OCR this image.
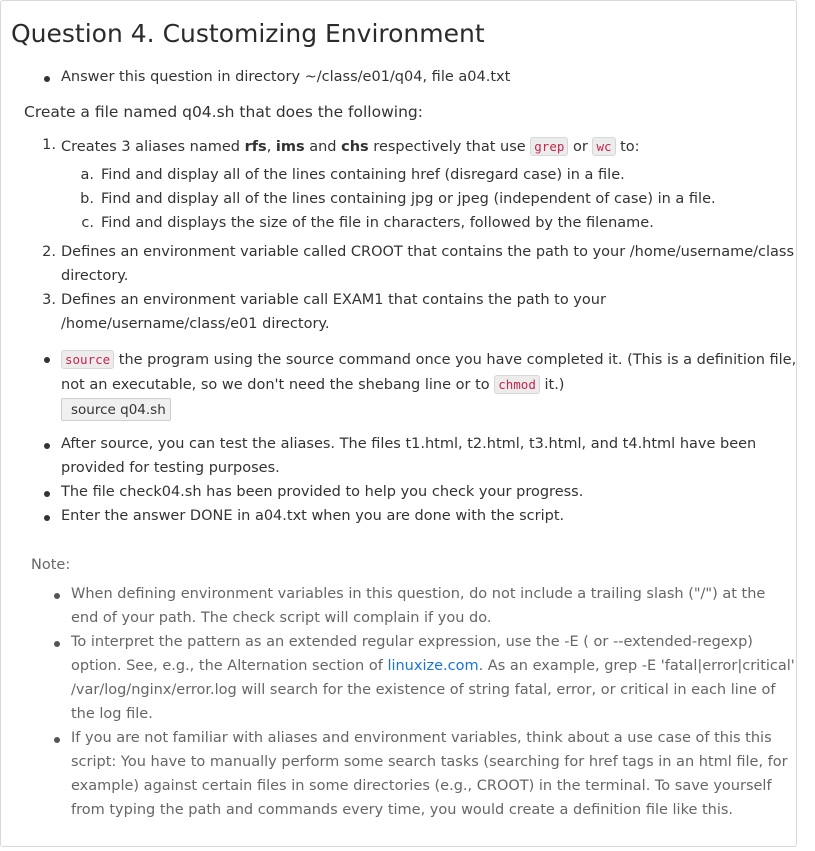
Question 4. Customizing Environment
Answer this question in directory ~/class/e01/q04, file a04.txt
Create a file named q04.sh that does the following:
1. Creates 3 aliases named rfs, ims and chs respectively that use grep or wc to:
a. Find and display all of the lines containing href (disregard case) in a file.
b. Find and display all of the lines containing jpg or jpeg (independent of case) in a file.
c. Find and displays the size of the file in characters, followed by the filename.
2. Defines an environment variable called CROOT that contains the path to your /home/username/class
directory.
3. Defines an environment variable call EXAM1 that contains the path to your
/home/username/class/e01 directory.
source the program using the source command once you have completed it. (This is a definition file,
not an executable, so we don't need the shebang line or to chmod it.)
source q04.sh
After source, you can test the aliases. The files t1.html, t2.html, t3.html, and t4.html have been
provided for testing purposes.
The file check04.sh has been provided to help you check your progress.
Enter the answer DONE in a04.txt when you are done with the script.
Note:
When defining environment variables in this question, do not include a trailing slash ("/") at the
end of your path. The check script will complain if you do.
To interpret the pattern as an extended regular expression, use the -E ( or --extended-regexp)
option. See, e.g., the Alternation section of linuxize.com. As an example, grep -E 'fatal|error|critical'
/var/log/nginx/error.log will search for the existence of string fatal, error, or critical in each line of
the log file.
If you are not familiar with aliases and environment variables, think about a use case of this this
script: You have to manually perform some search tasks (searching for href tags in an html file, for
example) against certain files in some directories (e.g., CROOT) in the terminal. To save yourself
from typing the path and commands every time, you would create a definition file like this.
